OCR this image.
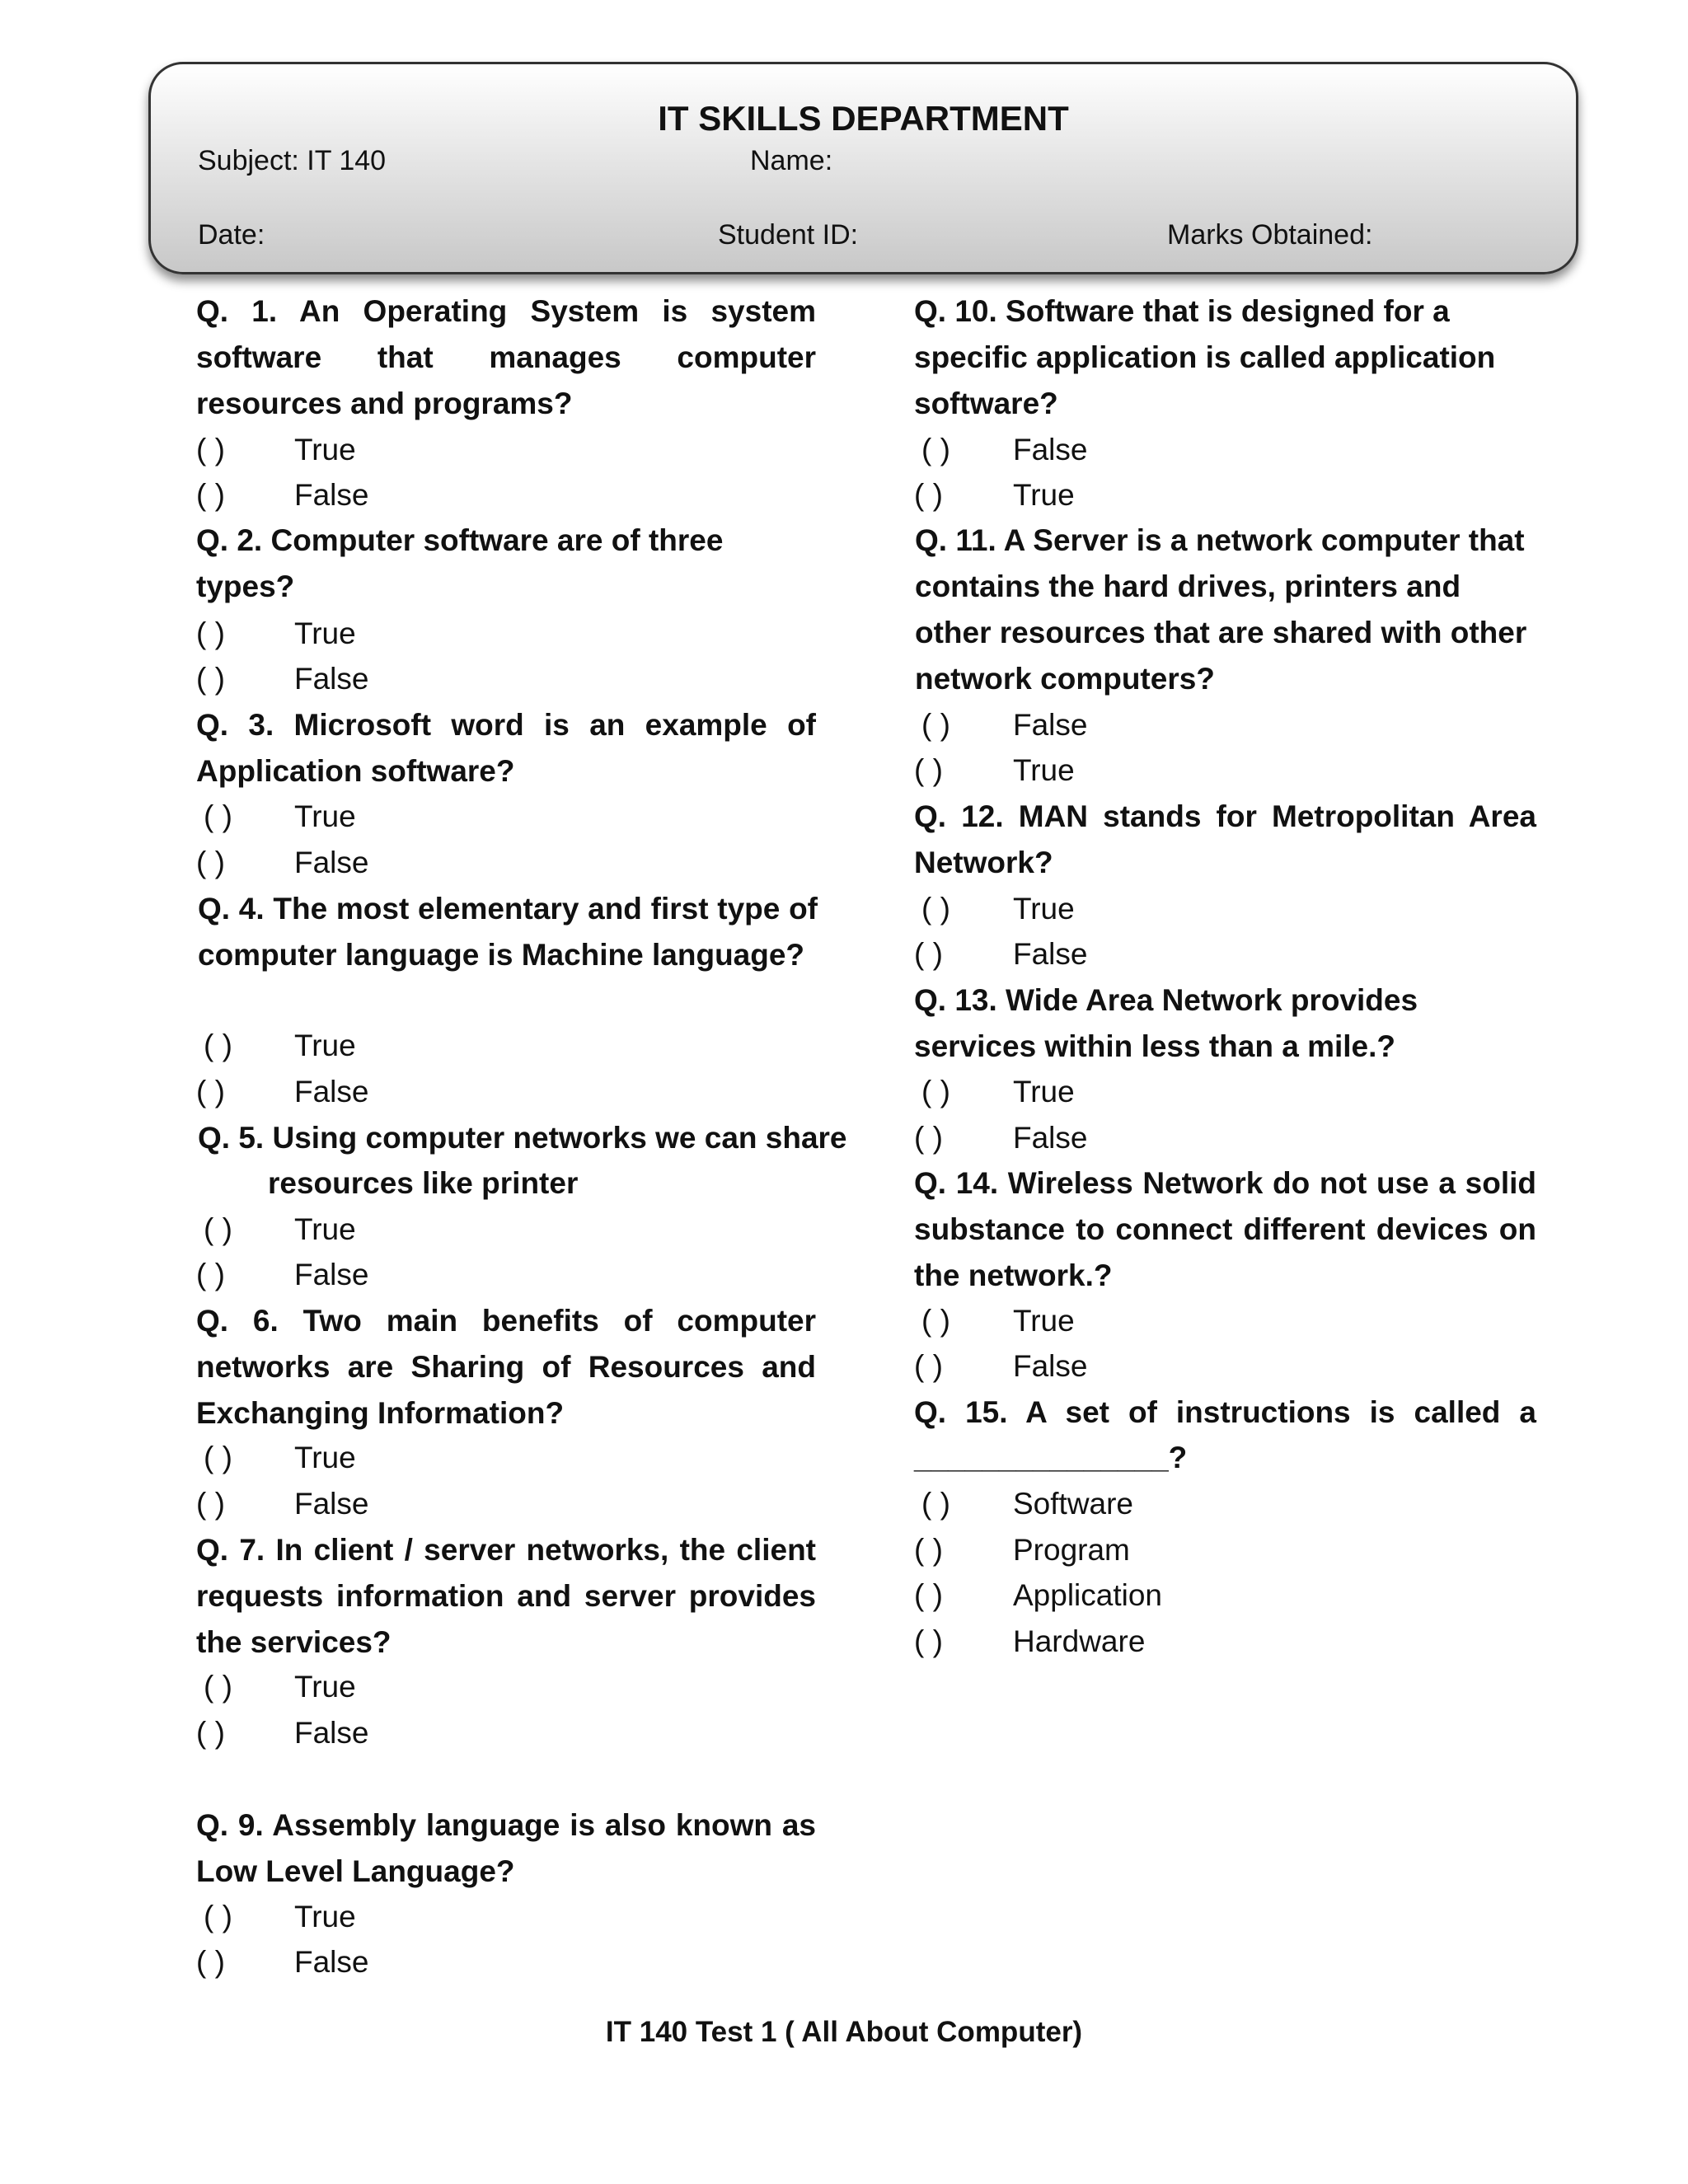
IT SKILLS DEPARTMENT
Subject: IT 140	Name:
Date:	Student ID:	Marks Obtained:
Q. 1. An Operating System is system software that manages computer resources and programs?
( ) True
( ) False
Q. 2. Computer software are of three types?
( ) True
( ) False
Q. 3. Microsoft word is an example of Application software?
( ) True
( ) False
Q. 4. The most elementary and first type of computer language is Machine language?
( ) True
( ) False
Q. 5. Using computer networks we can share
resources like printer
( ) True
( ) False
Q. 6. Two main benefits of computer networks are Sharing of Resources and Exchanging Information?
( ) True
( ) False
Q. 7. In client / server networks, the client requests information and server provides the services?
( ) True
( ) False
Q. 9. Assembly language is also known as Low Level Language?
( ) True
( ) False
Q. 10. Software that is designed for a specific application is called application software?
( ) False
( ) True
Q. 11. A Server is a network computer that contains the hard drives, printers and other resources that are shared with other network computers?
( ) False
( ) True
Q. 12. MAN stands for Metropolitan Area Network?
( ) True
( ) False
Q. 13. Wide Area Network provides services within less than a mile.?
( ) True
( ) False
Q. 14. Wireless Network do not use a solid substance to connect different devices on the network.?
( ) True
( ) False
Q. 15. A set of instructions is called a
_______________?
( ) Software
( ) Program
( ) Application
( ) Hardware
IT 140 Test 1 ( All About Computer)
